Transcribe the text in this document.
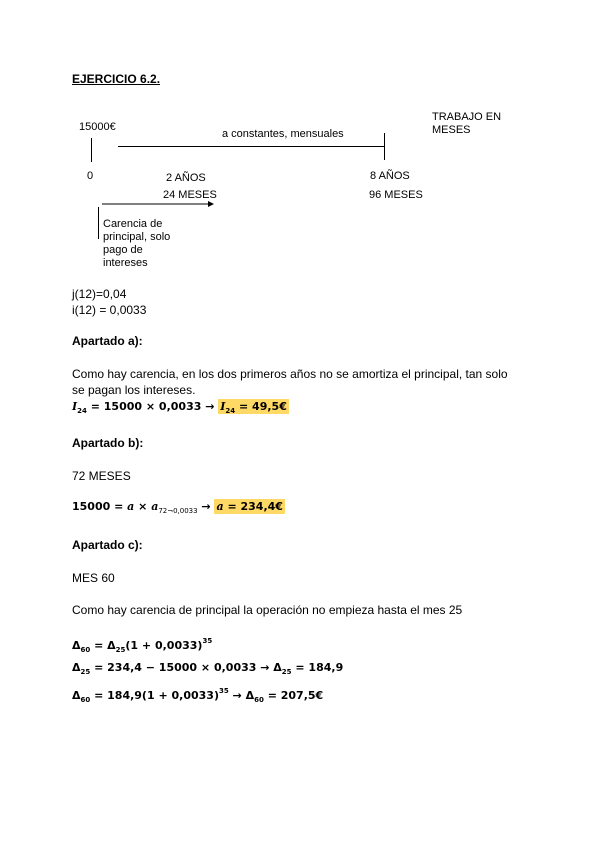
EJERCICIO 6.2.
15000€
TRABAJO EN
MESES
a constantes, mensuales
0	2 AÑOS
24 MESES
8 AÑOS
96 MESES
Carencia de
principal, solo
pago de
intereses
j(12)=0,04
i(12) = 0,0033
Apartado a):
Como hay carencia, en los dos primeros años no se amortiza el principal, tan solo
se pagan los intereses.
$I_{24} = 15000 \times 0,0033 \to I_{24}$ = 49,5€
Apartado b):
72 MESES
$15000 = a \times a_{72\neg 0,0033} \to a$ = 234,4€
Apartado c):
MES 60
Como hay carencia de principal la operación no empieza hasta el mes 25
$\Delta_{60} = \Delta_{25}(1 + 0,0033)^{35}$
$\Delta_{25} = 234,4 - 15000 \times 0,0033 \to \Delta_{25} = 184,9$
$\Delta_{60} = 184,9(1 + 0,0033)^{35} \to \Delta_{60}$ = 207,5€
